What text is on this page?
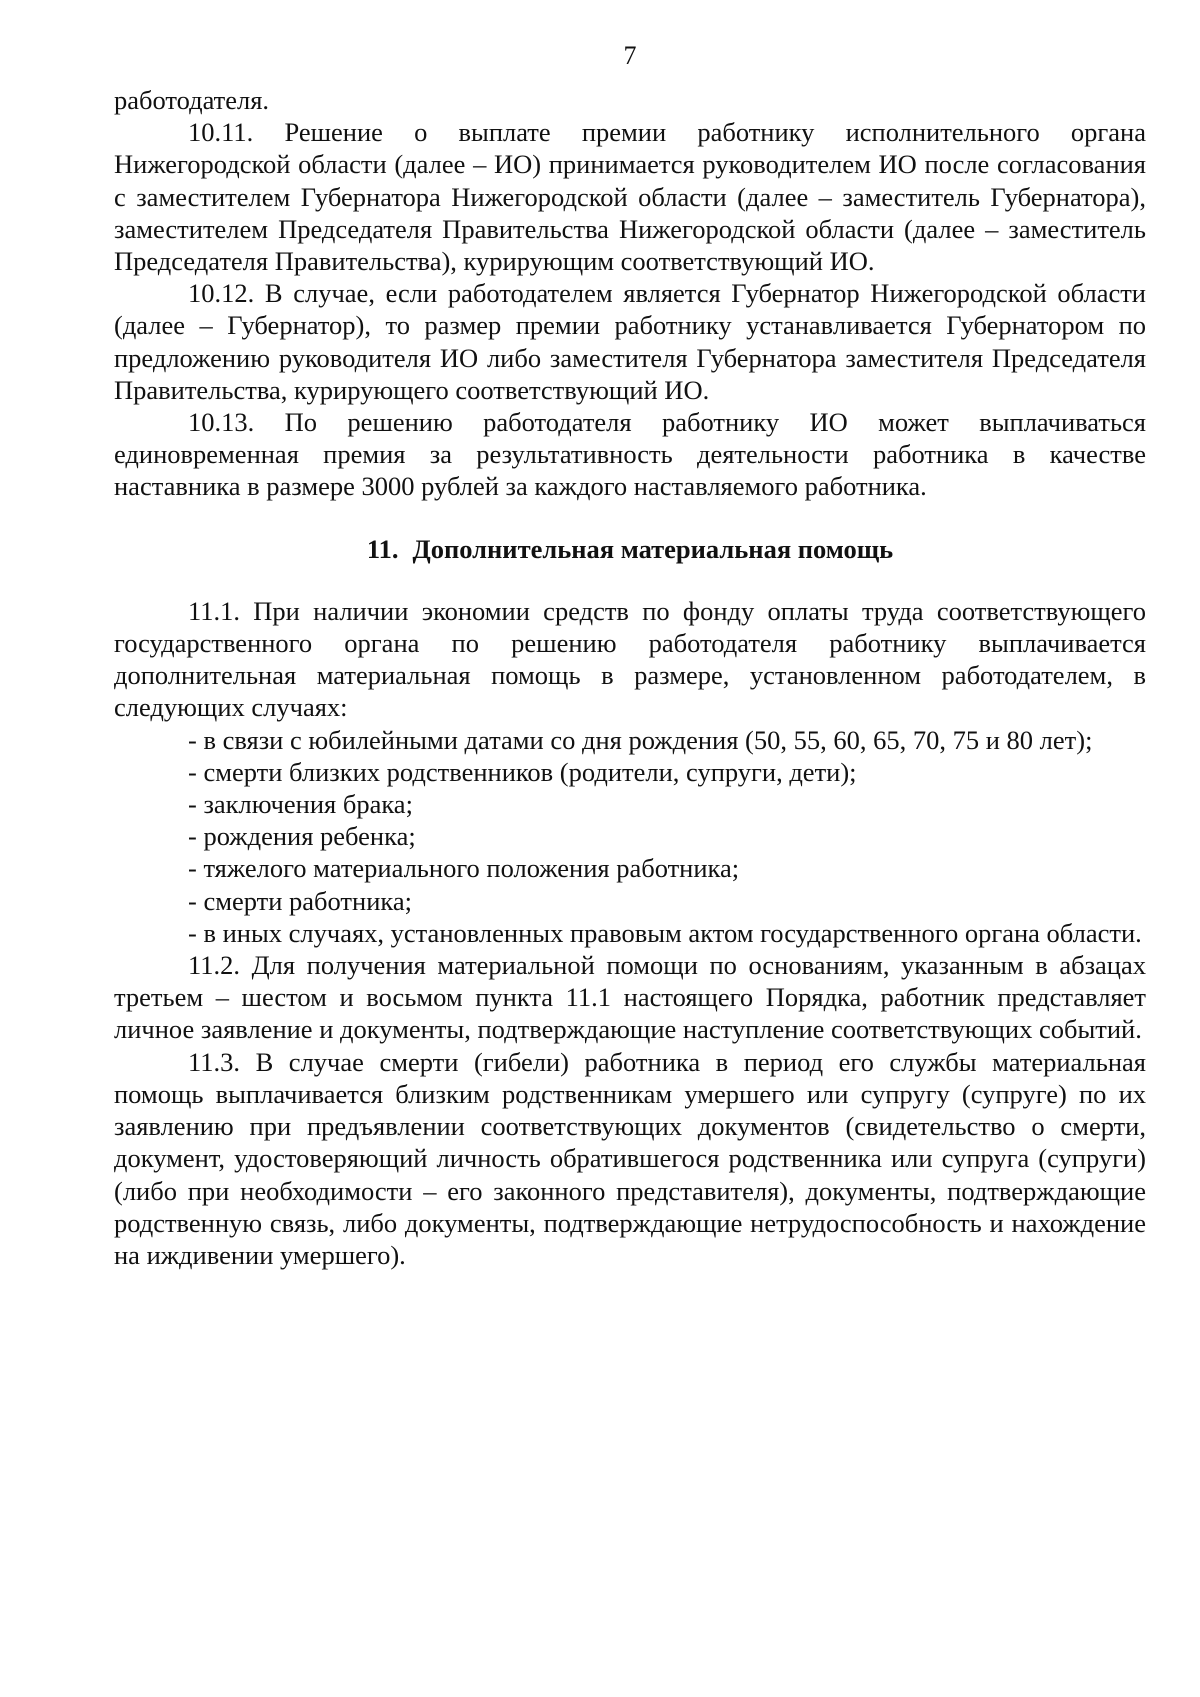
7

работодателя.

10.11. Решение о выплате премии работнику исполнительного органа Нижегородской области (далее – ИО) принимается руководителем ИО после согласования с заместителем Губернатора Нижегородской области (далее – заместитель Губернатора), заместителем Председателя Правительства Нижегородской области (далее – заместитель Председателя Правительства), курирующим соответствующий ИО.

10.12. В случае, если работодателем является Губернатор Нижегородской области (далее – Губернатор), то размер премии работнику устанавливается Губернатором по предложению руководителя ИО либо заместителя Губернатора заместителя Председателя Правительства, курирующего соответствующий ИО.

10.13. По решению работодателя работнику ИО может выплачиваться единовременная премия за результативность деятельности работника в качестве наставника в размере 3000 рублей за каждого наставляемого работника.

11. Дополнительная материальная помощь

11.1. При наличии экономии средств по фонду оплаты труда соответствующего государственного органа по решению работодателя работнику выплачивается дополнительная материальная помощь в размере, установленном работодателем, в следующих случаях:

- в связи с юбилейными датами со дня рождения (50, 55, 60, 65, 70, 75 и 80 лет);

- смерти близких родственников (родители, супруги, дети);

- заключения брака;

- рождения ребенка;

- тяжелого материального положения работника;

- смерти работника;

- в иных случаях, установленных правовым актом государственного органа области.

11.2. Для получения материальной помощи по основаниям, указанным в абзацах третьем – шестом и восьмом пункта 11.1 настоящего Порядка, работник представляет личное заявление и документы, подтверждающие наступление соответствующих событий.

11.3. В случае смерти (гибели) работника в период его службы материальная помощь выплачивается близким родственникам умершего или супругу (супруге) по их заявлению при предъявлении соответствующих документов (свидетельство о смерти, документ, удостоверяющий личность обратившегося родственника или супруга (супруги) (либо при необходимости – его законного представителя), документы, подтверждающие родственную связь, либо документы, подтверждающие нетрудоспособность и нахождение на иждивении умершего).
